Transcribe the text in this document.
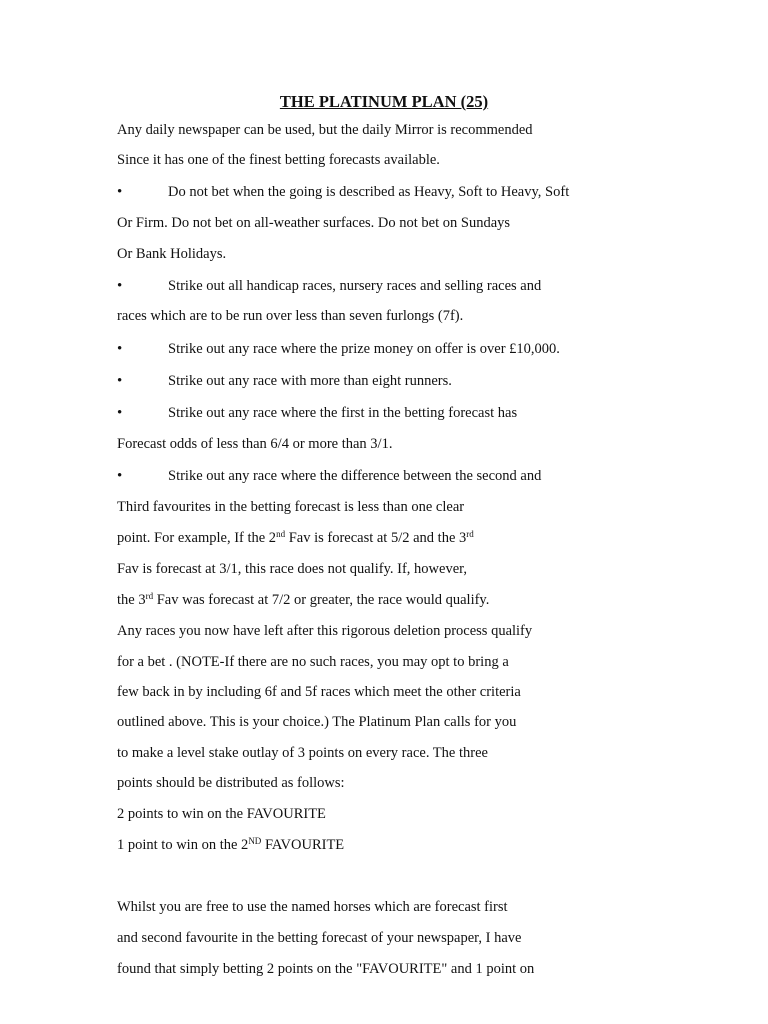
THE PLATINUM PLAN (25)
Any daily newspaper can be used, but the daily Mirror is recommended
Since it has one of the finest betting forecasts available.
•	Do not bet when the going is described as Heavy, Soft to Heavy, Soft
Or Firm. Do not bet on all-weather surfaces. Do not bet on Sundays
Or Bank Holidays.
•	Strike out all handicap races, nursery races and selling races and
races which are to be run over less than seven furlongs (7f).
•	Strike out any race where the prize money on offer is over £10,000.
•	Strike out any race with more than eight runners.
•	Strike out any race where the first in the betting forecast has
Forecast odds of less than 6/4 or more than 3/1.
•	Strike out any race where the difference between the second and
Third favourites in the betting forecast is less than one clear
point. For example, If the 2nd Fav is forecast at 5/2 and the 3rd
Fav is forecast at 3/1, this race does not qualify. If, however,
the 3rd Fav was forecast at 7/2 or greater, the race would qualify.
Any races you now have left after this rigorous deletion process qualify
for a bet . (NOTE-If there are no such races, you may opt to bring a
few back in by including 6f and 5f races which meet the other criteria
outlined above. This is your choice.) The Platinum Plan calls for you
to make a level stake outlay of 3 points on every race. The three
points should be distributed as follows:
2 points to win on the FAVOURITE
1 point to win on the 2ND FAVOURITE
Whilst you are free to use the named horses which are forecast first
and second favourite in the betting forecast of your newspaper, I have
found that simply betting 2 points on the "FAVOURITE" and 1 point on
